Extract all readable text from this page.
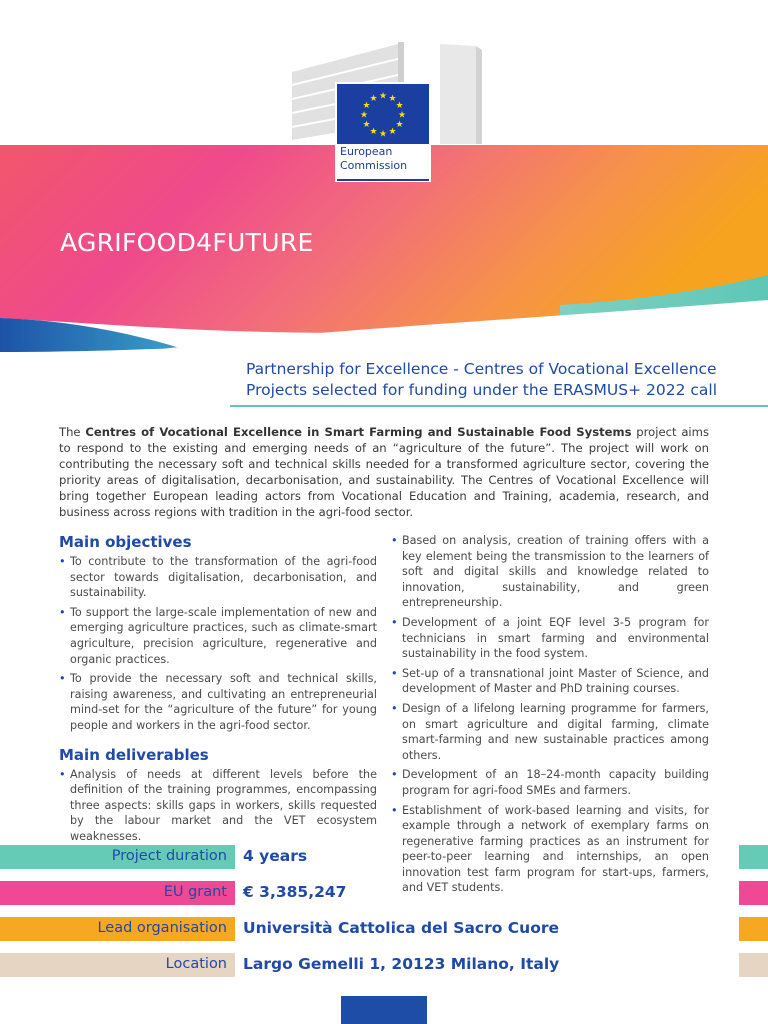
★ ★
★
★
★
★
★
★
★
★
★
★
European
Commission
AGRIFOOD4FUTURE
Partnership for Excellence - Centres of Vocational Excellence
Projects selected for funding under the ERASMUS+ 2022 call

The Centres of Vocational Excellence in Smart Farming and Sustainable Food Systems project aims to respond to the existing and emerging needs of an “agriculture of the future”. The project will work on contributing the necessary soft and technical skills needed for a transformed agriculture sector, covering the priority areas of digitalisation, decarbonisation, and sustainability. The Centres of Vocational Excellence will bring together European leading actors from Vocational Education and Training, academia, research, and business across regions with tradition in the agri-food sector.

Main objectives
• To contribute to the transformation of the agri-food sector towards digitalisation, decarbonisation, and sustainability.
• To support the large-scale implementation of new and emerging agriculture practices, such as climate-smart agriculture, precision agriculture, regenerative and organic practices.
• To provide the necessary soft and technical skills, raising awareness, and cultivating an entrepreneurial mind-set for the “agriculture of the future” for young people and workers in the agri-food sector.
Main deliverables
• Analysis of needs at different levels before the definition of the training programmes, encompassing three aspects: skills gaps in workers, skills requested by the labour market and the VET ecosystem weaknesses.
• Based on analysis, creation of training offers with a key element being the transmission to the learners of soft and digital skills and knowledge related to innovation, sustainability, and green entrepreneurship.
• Development of a joint EQF level 3-5 program for technicians in smart farming and environmental sustainability in the food system.
• Set-up of a transnational joint Master of Science, and development of Master and PhD training courses.
• Design of a lifelong learning programme for farmers, on smart agriculture and digital farming, climate smart-farming and new sustainable practices among others.
• Development of an 18–24-month capacity building program for agri-food SMEs and farmers.
• Establishment of work-based learning and visits, for example through a network of exemplary farms on regenerative farming practices as an instrument for peer-to-peer learning and internships, an open innovation test farm program for start-ups, farmers, and VET students.
Project duration 4 years
EU grant € 3,385,247
Lead organisation Università Cattolica del Sacro Cuore
Location Largo Gemelli 1, 20123 Milano, Italy
